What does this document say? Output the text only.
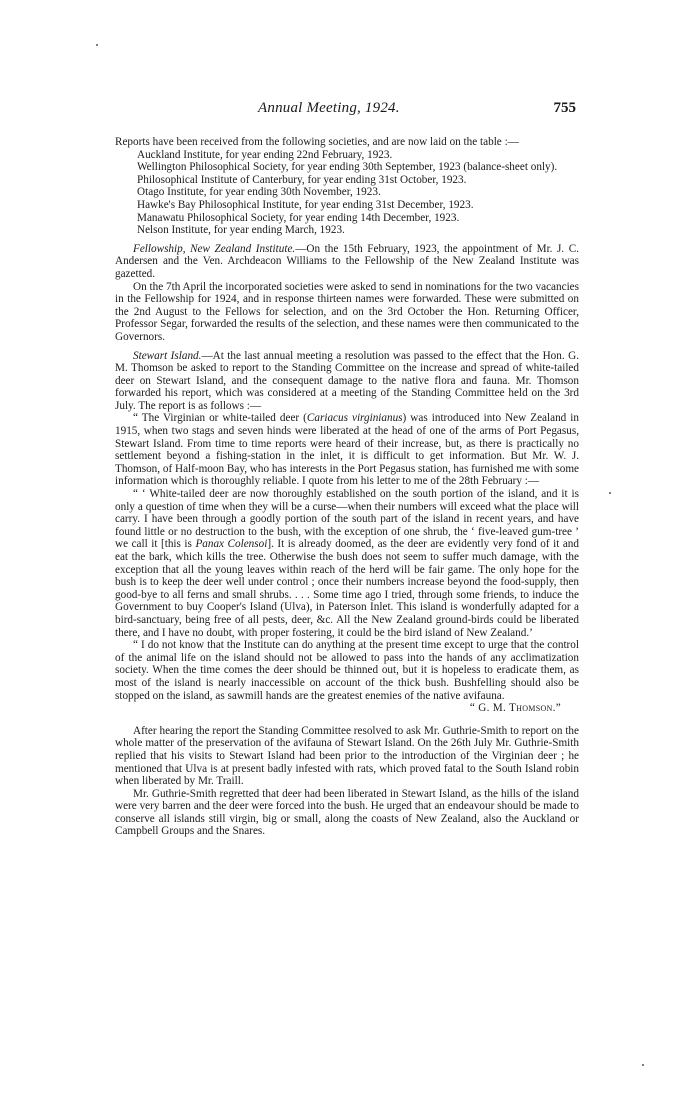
Annual Meeting, 1924.	755

Reports have been received from the following societies, and are now laid on the table :—

Auckland Institute, for year ending 22nd February, 1923.
Wellington Philosophical Society, for year ending 30th September, 1923 (balance-sheet only).
Philosophical Institute of Canterbury, for year ending 31st October, 1923.
Otago Institute, for year ending 30th November, 1923.
Hawke's Bay Philosophical Institute, for year ending 31st December, 1923.
Manawatu Philosophical Society, for year ending 14th December, 1923.
Nelson Institute, for year ending March, 1923.

Fellowship, New Zealand Institute.—On the 15th February, 1923, the appointment of Mr. J. C. Andersen and the Ven. Archdeacon Williams to the Fellowship of the New Zealand Institute was gazetted.

On the 7th April the incorporated societies were asked to send in nominations for the two vacancies in the Fellowship for 1924, and in response thirteen names were forwarded. These were submitted on the 2nd August to the Fellows for selection, and on the 3rd October the Hon. Returning Officer, Professor Segar, forwarded the results of the selection, and these names were then communicated to the Governors.

Stewart Island.—At the last annual meeting a resolution was passed to the effect that the Hon. G. M. Thomson be asked to report to the Standing Committee on the increase and spread of white-tailed deer on Stewart Island, and the consequent damage to the native flora and fauna. Mr. Thomson forwarded his report, which was considered at a meeting of the Standing Committee held on the 3rd July. The report is as follows :—

“ The Virginian or white-tailed deer (Cariacus virginianus) was introduced into New Zealand in 1915, when two stags and seven hinds were liberated at the head of one of the arms of Port Pegasus, Stewart Island. From time to time reports were heard of their increase, but, as there is practically no settlement beyond a fishing-station in the inlet, it is difficult to get information. But Mr. W. J. Thomson, of Half-moon Bay, who has interests in the Port Pegasus station, has furnished me with some information which is thoroughly reliable. I quote from his letter to me of the 28th February :—

“ ‘ White-tailed deer are now thoroughly established on the south portion of the island, and it is only a question of time when they will be a curse—when their numbers will exceed what the place will carry. I have been through a goodly portion of the south part of the island in recent years, and have found little or no destruction to the bush, with the exception of one shrub, the ‘ five-leaved gum-tree ’ we call it [this is Panax Colensoi]. It is already doomed, as the deer are evidently very fond of it and eat the bark, which kills the tree. Otherwise the bush does not seem to suffer much damage, with the exception that all the young leaves within reach of the herd will be fair game. The only hope for the bush is to keep the deer well under control ; once their numbers increase beyond the food-supply, then good-bye to all ferns and small shrubs. . . . Some time ago I tried, through some friends, to induce the Government to buy Cooper's Island (Ulva), in Paterson Inlet. This island is wonderfully adapted for a bird-sanctuary, being free of all pests, deer, &c. All the New Zealand ground-birds could be liberated there, and I have no doubt, with proper fostering, it could be the bird island of New Zealand.’

“ I do not know that the Institute can do anything at the present time except to urge that the control of the animal life on the island should not be allowed to pass into the hands of any acclimatization society. When the time comes the deer should be thinned out, but it is hopeless to eradicate them, as most of the island is nearly inaccessible on account of the thick bush. Bushfelling should also be stopped on the island, as sawmill hands are the greatest enemies of the native avifauna.

“ G. M. Thomson.”

After hearing the report the Standing Committee resolved to ask Mr. Guthrie-Smith to report on the whole matter of the preservation of the avifauna of Stewart Island. On the 26th July Mr. Guthrie-Smith replied that his visits to Stewart Island had been prior to the introduction of the Virginian deer ; he mentioned that Ulva is at present badly infested with rats, which proved fatal to the South Island robin when liberated by Mr. Traill.

Mr. Guthrie-Smith regretted that deer had been liberated in Stewart Island, as the hills of the island were very barren and the deer were forced into the bush. He urged that an endeavour should be made to conserve all islands still virgin, big or small, along the coasts of New Zealand, also the Auckland or Campbell Groups and the Snares.
